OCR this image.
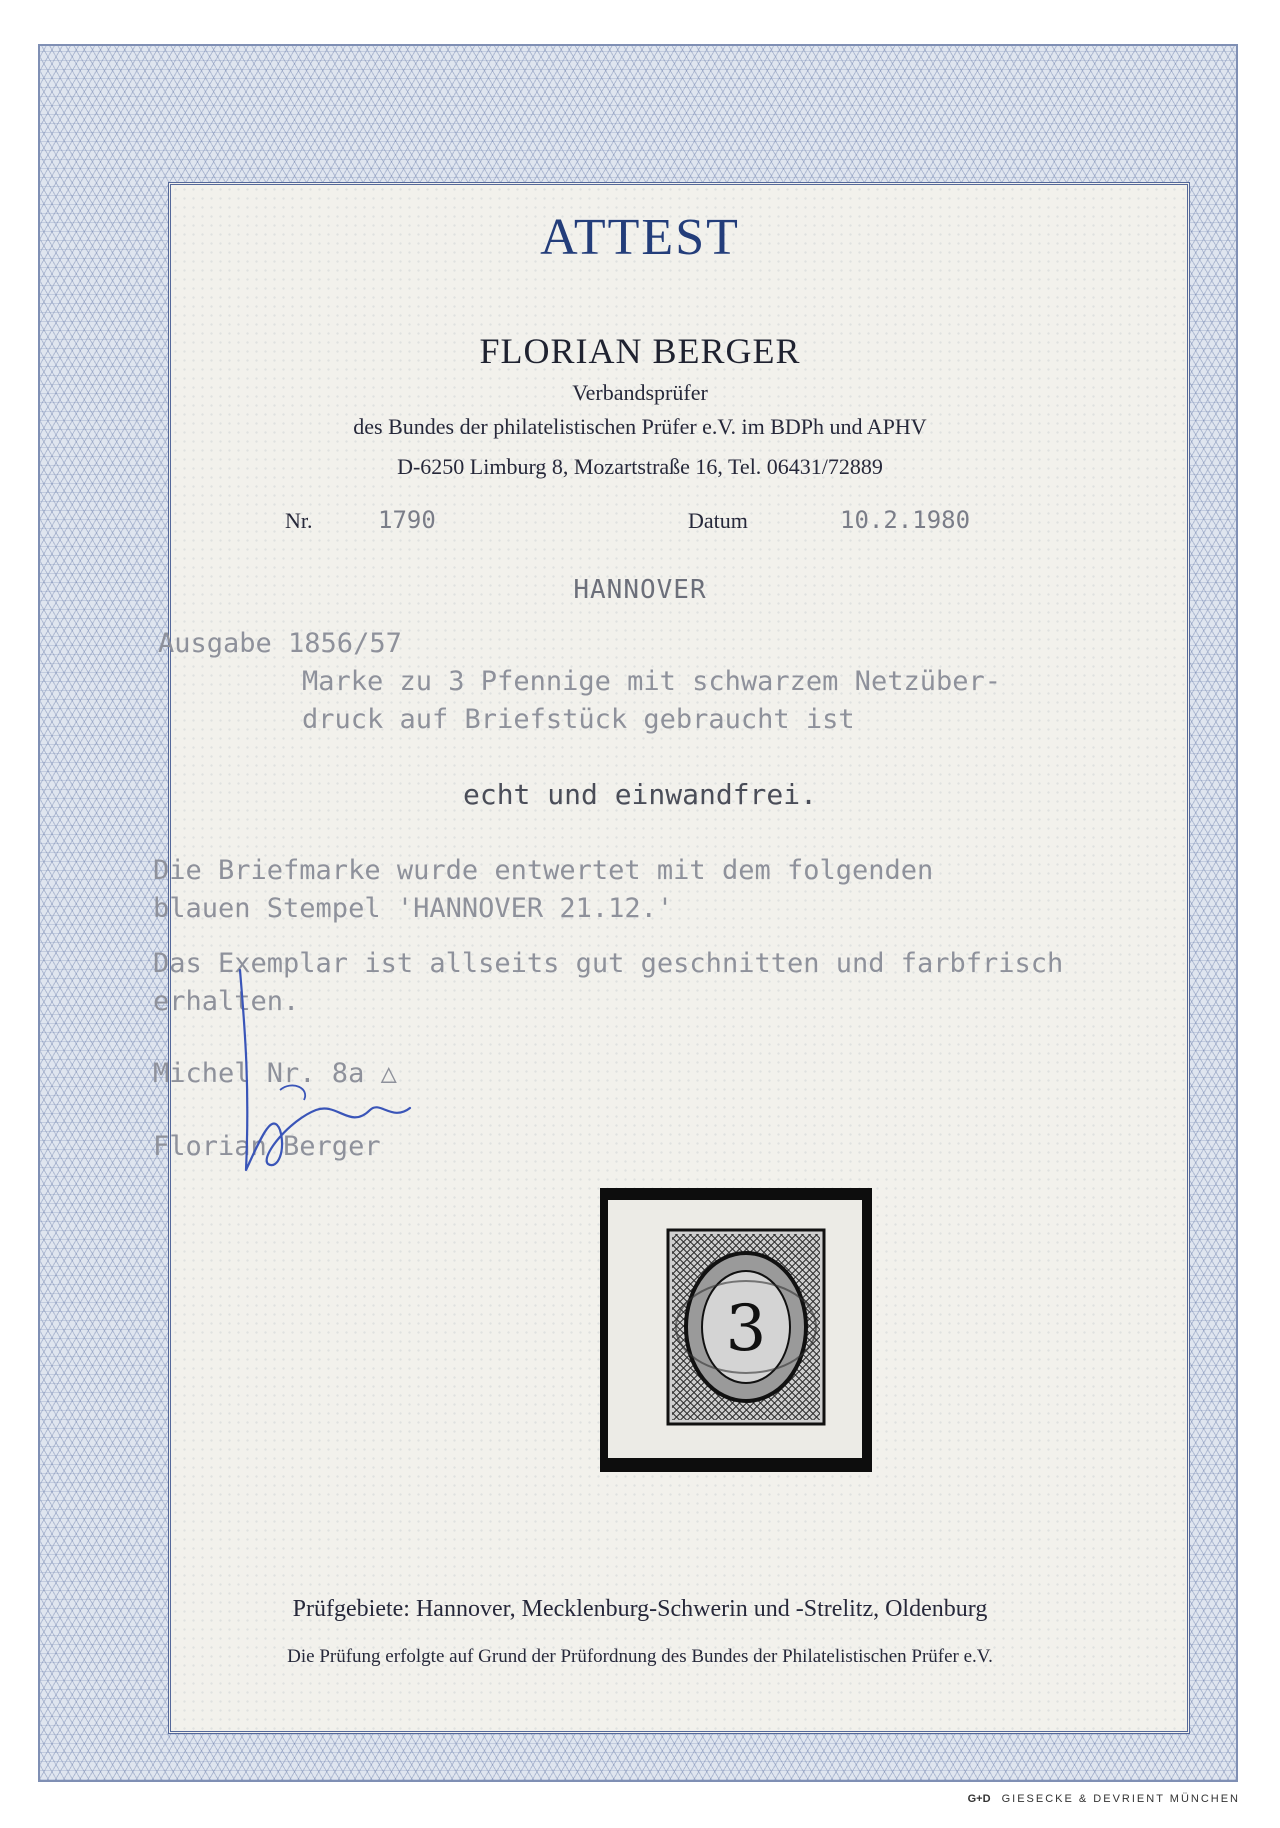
ATTEST
FLORIAN BERGER
Verbandsprüfer
des Bundes der philatelistischen Prüfer e.V. im BDPh und APHV
D-6250 Limburg 8, Mozartstraße 16, Tel. 06431/72889
Nr.	1790	Datum	10.2.1980
HANNOVER
Ausgabe 1856/57
Marke zu 3 Pfennige mit schwarzem Netzüber-
druck auf Briefstück gebraucht ist
echt und einwandfrei.
Die Briefmarke wurde entwertet mit dem folgenden
blauen Stempel 'HANNOVER 21.12.'
Das Exemplar ist allseits gut geschnitten und farbfrisch
erhalten.
Michel Nr. 8a △
Florian Berger
3
Prüfgebiete: Hannover, Mecklenburg-Schwerin und -Strelitz, Oldenburg
Die Prüfung erfolgte auf Grund der Prüfordnung des Bundes der Philatelistischen Prüfer e.V.
G+D GIESECKE & DEVRIENT MÜNCHEN
